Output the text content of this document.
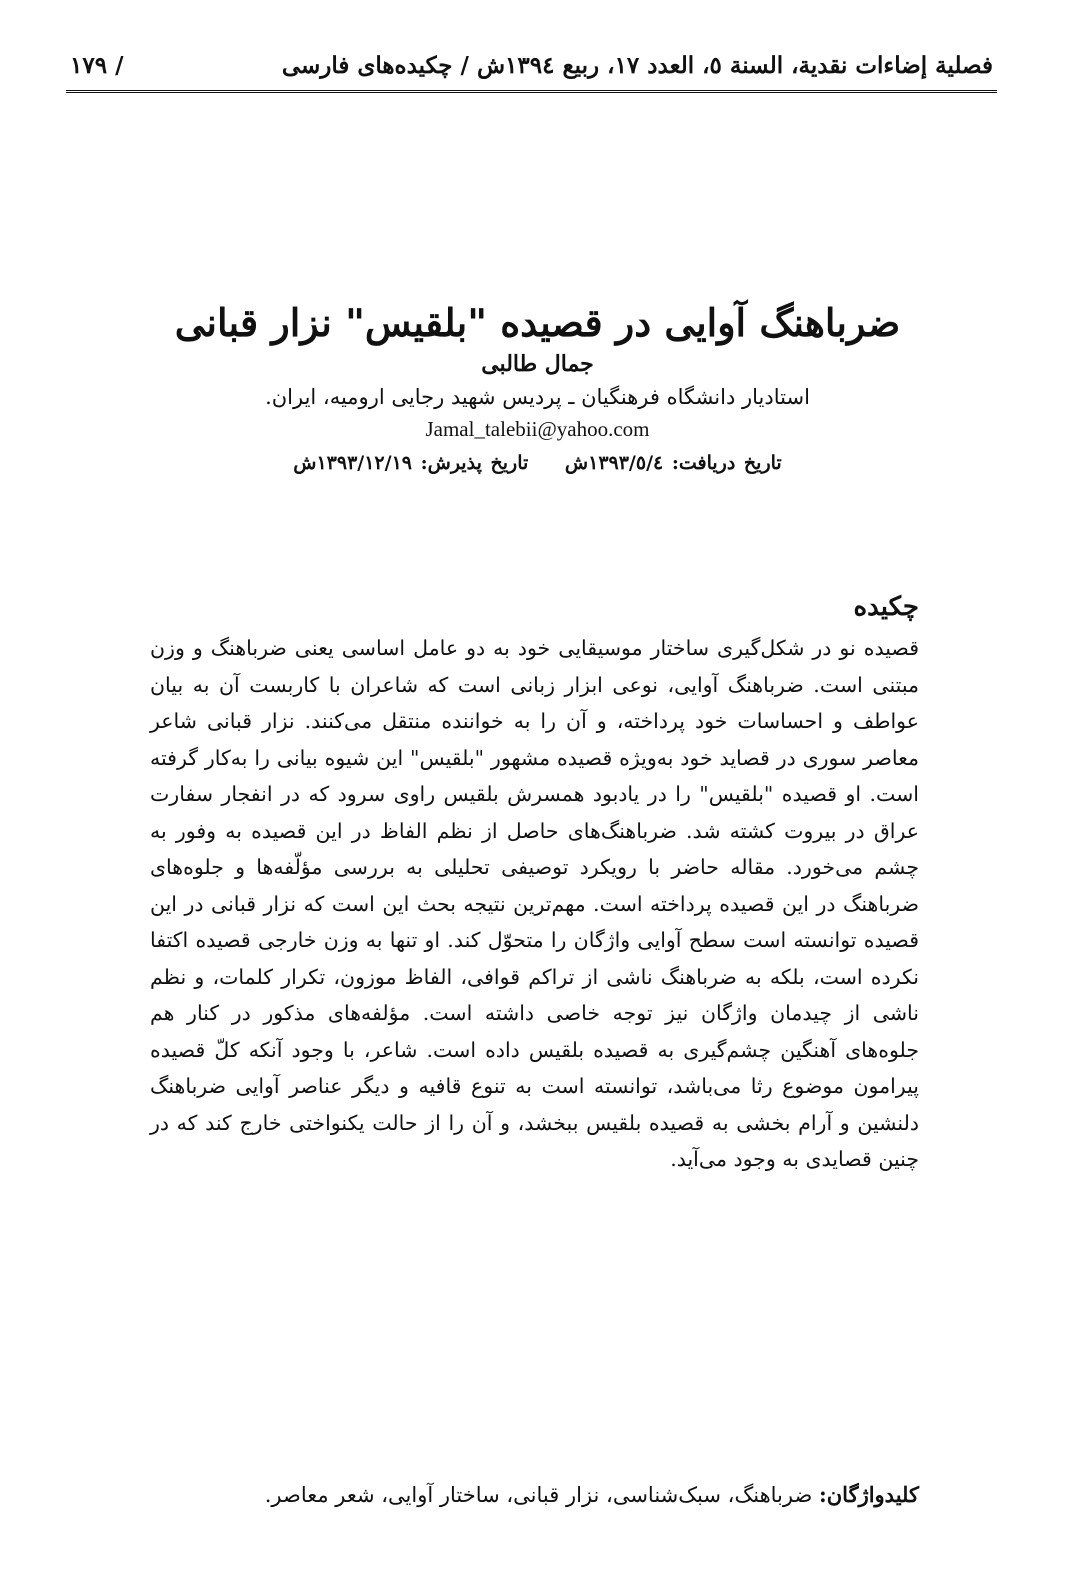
فصلية إضاءات نقدية، السنة ٥، العدد ١٧، ربيع ١٣٩٤ش / چکیده‌های فارسی
/ ١٧٩
ضرباهنگ آوایی در قصیده "بلقیس" نزار قبانی
جمال طالبی
استادیار دانشگاه فرهنگیان ـ پردیس شهید رجایی ارومیه، ایران.
Jamal_talebii@yahoo.com
تاریخ دریافت: ١٣٩٣/٥/٤ش تاریخ پذیرش: ١٣٩٣/١٢/١٩ش
چکیده
قصیده نو در شکل‌گیری ساختار موسیقایی خود به دو عامل اساسی یعنی ضرباهنگ و وزن مبتنی است. ضرباهنگ آوایی، نوعی ابزار زبانی است که شاعران با کاربست آن به بیان عواطف و احساسات خود پرداخته، و آن را به خواننده منتقل می‌کنند. نزار قبانی شاعر معاصر سوری در قصاید خود به‌ویژه قصیده مشهور "بلقیس" این شیوه بیانی را به‌کار گرفته است. او قصیده "بلقیس" را در یادبود همسرش بلقیس راوی سرود که در انفجار سفارت عراق در بیروت کشته شد. ضرباهنگ‌های حاصل از نظم الفاظ در این قصیده به وفور به چشم می‌خورد. مقاله حاضر با رویکرد توصیفی تحلیلی به بررسی مؤلّفه‌ها و جلوه‌های ضرباهنگ در این قصیده پرداخته است. مهم‌ترین نتیجه بحث این است که نزار قبانی در این قصیده توانسته است سطح آوایی واژگان را متحوّل کند. او تنها به وزن خارجی قصیده اکتفا نکرده است، بلکه به ضرباهنگ ناشی از تراکم قوافی، الفاظ موزون، تکرار کلمات، و نظم ناشی از چیدمان واژگان نیز توجه خاصی داشته است. مؤلفه‌های مذکور در کنار هم جلوه‌های آهنگین چشم‌گیری به قصیده بلقیس داده است. شاعر، با وجود آنکه کلّ قصیده پیرامون موضوع رثا می‌باشد، توانسته است به تنوع قافیه و دیگر عناصر آوایی ضرباهنگ دلنشین و آرام بخشی به قصیده بلقیس ببخشد، و آن را از حالت یکنواختی خارج کند که در چنین قصایدی به وجود می‌آید.
کلیدواژگان: ضرباهنگ، سبک‌شناسی، نزار قبانی، ساختار آوایی، شعر معاصر.
